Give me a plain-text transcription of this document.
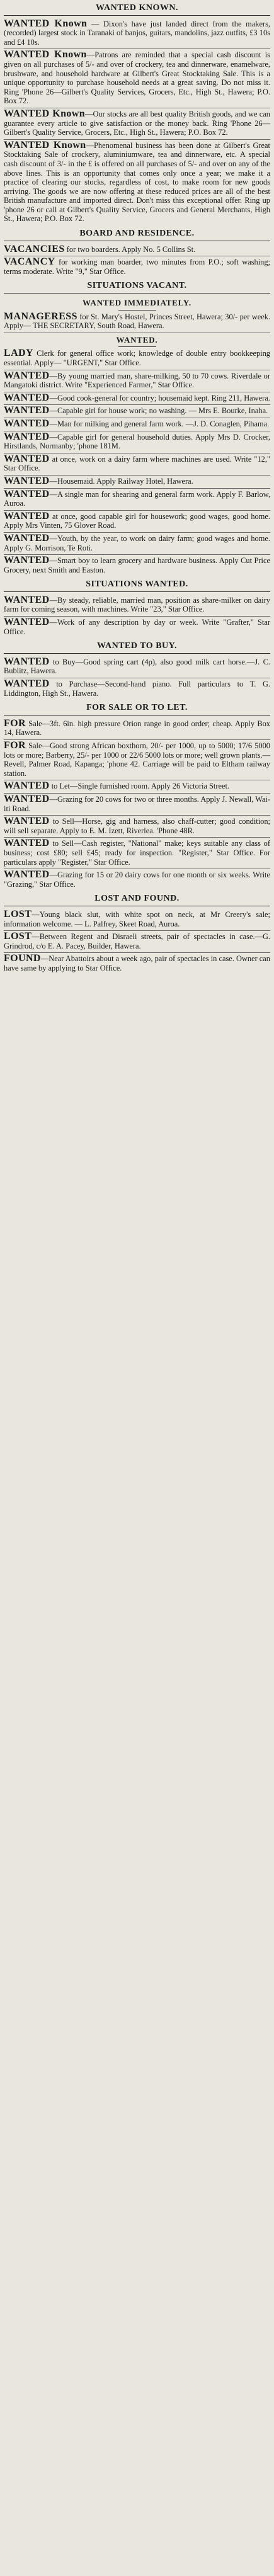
WANTED KNOWN.
WANTED Known — Dixon's have just landed direct from the makers, (recorded) largest stock in Taranaki of banjos, guitars, mandolins, jazz outfits, £3 10s and £4 10s.
WANTED Known—Patrons are reminded that a special cash discount is given on all purchases of 5/- and over of crockery, tea and dinnerware, enamelware, brushware, and household hardware at Gilbert's Great Stocktaking Sale. This is a unique opportunity to purchase household needs at a great saving. Do not miss it. Ring 'Phone 26—Gilbert's Quality Services, Grocers, Etc., High St., Hawera; P.O. Box 72.
WANTED Known—Our stocks are all best quality British goods, and we can guarantee every article to give satisfaction or the money back. Ring 'Phone 26—Gilbert's Quality Service, Grocers, Etc., High St., Hawera; P.O. Box 72.
WANTED Known—Phenomenal business has been done at Gilbert's Great Stocktaking Sale of crockery, aluminiumware, tea and dinnerware, etc. A special cash discount of 3/- in the £ is offered on all purchases of 5/- and over on any of the above lines. This is an opportunity that comes only once a year; we make it a practice of clearing our stocks, regardless of cost, to make room for new goods arriving. The goods we are now offering at these reduced prices are all of the best British manufacture and imported direct. Don't miss this exceptional offer. Ring up 'phone 26 or call at Gilbert's Quality Service, Grocers and General Merchants, High St., Hawera; P.O. Box 72.
BOARD AND RESIDENCE.
VACANCIES for two boarders. Apply No. 5 Collins St.
VACANCY for working man boarder, two minutes from P.O.; soft washing; terms moderate. Write "9," Star Office.
SITUATIONS VACANT.
WANTED IMMEDIATELY.
MANAGERESS for St. Mary's Hostel, Princes Street, Hawera; 30/- per week. Apply— THE SECRETARY, South Road, Hawera.
WANTED.
LADY Clerk for general office work; knowledge of double entry bookkeeping essential. Apply— "URGENT," Star Office.
WANTED—By young married man, share-milking, 50 to 70 cows. Riverdale or Mangatoki district. Write "Experienced Farmer," Star Office.
WANTED—Good cook-general for country; housemaid kept. Ring 211, Hawera.
WANTED—Capable girl for house work; no washing. — Mrs E. Bourke, Inaha.
WANTED—Man for milking and general farm work. —J. D. Conaglen, Pihama.
WANTED—Capable girl for general household duties. Apply Mrs D. Crocker, Hirstlands, Normanby; 'phone 181M.
WANTED at once, work on a dairy farm where machines are used. Write "12," Star Office.
WANTED—Housemaid. Apply Railway Hotel, Hawera.
WANTED—A single man for shearing and general farm work. Apply F. Barlow, Auroa.
WANTED at once, good capable girl for housework; good wages, good home. Apply Mrs Vinten, 75 Glover Road.
WANTED—Youth, by the year, to work on dairy farm; good wages and home. Apply G. Morrison, Te Roti.
WANTED—Smart boy to learn grocery and hardware business. Apply Cut Price Grocery, next Smith and Easton.
SITUATIONS WANTED.
WANTED—By steady, reliable, married man, position as share-milker on dairy farm for coming season, with machines. Write "23," Star Office.
WANTED—Work of any description by day or week. Write "Grafter," Star Office.
WANTED TO BUY.
WANTED to Buy—Good spring cart (4p), also good milk cart horse.—J. C. Bublitz, Hawera.
WANTED to Purchase—Second-hand piano. Full particulars to T. G. Liddington, High St., Hawera.
FOR SALE OR TO LET.
FOR Sale—3ft. 6in. high pressure Orion range in good order; cheap. Apply Box 14, Hawera.
FOR Sale—Good strong African boxthorn, 20/- per 1000, up to 5000; 17/6 5000 lots or more; Barberry, 25/- per 1000 or 22/6 5000 lots or more; well grown plants.—Revell, Palmer Road, Kapanga; 'phone 42. Carriage will be paid to Eltham railway station.
WANTED to Let—Single furnished room. Apply 26 Victoria Street.
WANTED—Grazing for 20 cows for two or three months. Apply J. Newall, Wai-iti Road.
WANTED to Sell—Horse, gig and harness, also chaff-cutter; good condition; will sell separate. Apply to E. M. Izett, Riverlea. 'Phone 48R.
WANTED to Sell—Cash register, "National" make; keys suitable any class of business; cost £80; sell £45; ready for inspection. "Register," Star Office. For particulars apply "Register," Star Office.
WANTED—Grazing for 15 or 20 dairy cows for one month or six weeks. Write "Grazing," Star Office.
LOST AND FOUND.
LOST—Young black slut, with white spot on neck, at Mr Creery's sale; information welcome. — L. Palfrey, Skeet Road, Auroa.
LOST—Between Regent and Disraeli streets, pair of spectacles in case.—G. Grindrod, c/o E. A. Pacey, Builder, Hawera.
FOUND—Near Abattoirs about a week ago, pair of spectacles in case. Owner can have same by applying to Star Office.
